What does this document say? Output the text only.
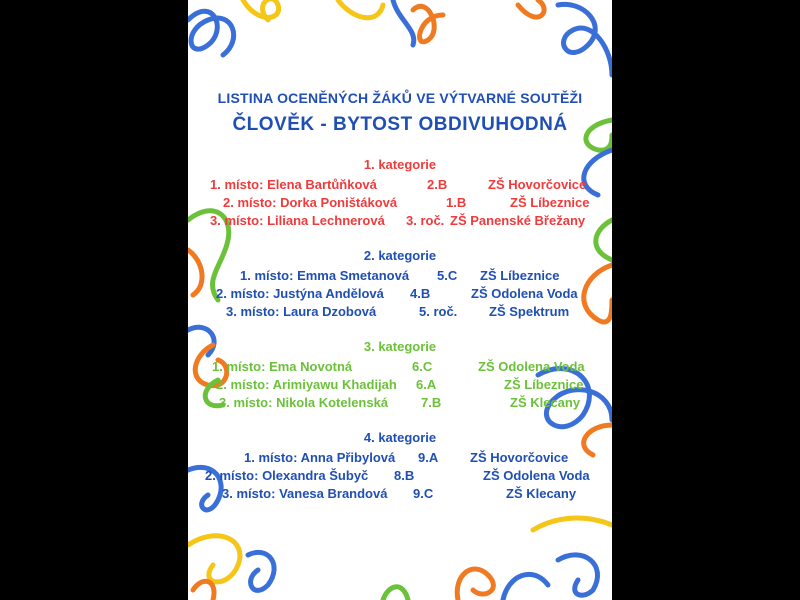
LISTINA OCENĚNÝCH ŽÁKŮ VE VÝTVARNÉ SOUTĚŽI
ČLOVĚK - BYTOST OBDIVUHODNÁ
1. kategorie
1. místo: Elena Bartůňková	2.B	ZŠ Hovorčovice
2. místo: Dorka Poništáková	1.B	ZŠ Líbeznice
3. místo: Liliana Lechnerová 3. roč. ZŠ Panenské Břežany
2. kategorie
1. místo: Emma Smetanová 5.C ZŠ Líbeznice
2. místo: Justýna Andělová 4.B	ZŠ Odolena Voda
3. místo: Laura Dzobová	5. roč. ZŠ Spektrum
3. kategorie
1. místo: Ema Novotná	6.C	ZŠ Odolena Voda
2. místo: Arimiyawu Khadijah 6.A	ZŠ Líbeznice
3. místo: Nikola Kotelenská	7.B	ZŠ Klecany
4. kategorie
1. místo: Anna Přibylová 9.A ZŠ Hovorčovice
2. místo: Olexandra Šubyč 8.B	ZŠ Odolena Voda
3. místo: Vanesa Brandová 9.C	ZŠ Klecany
